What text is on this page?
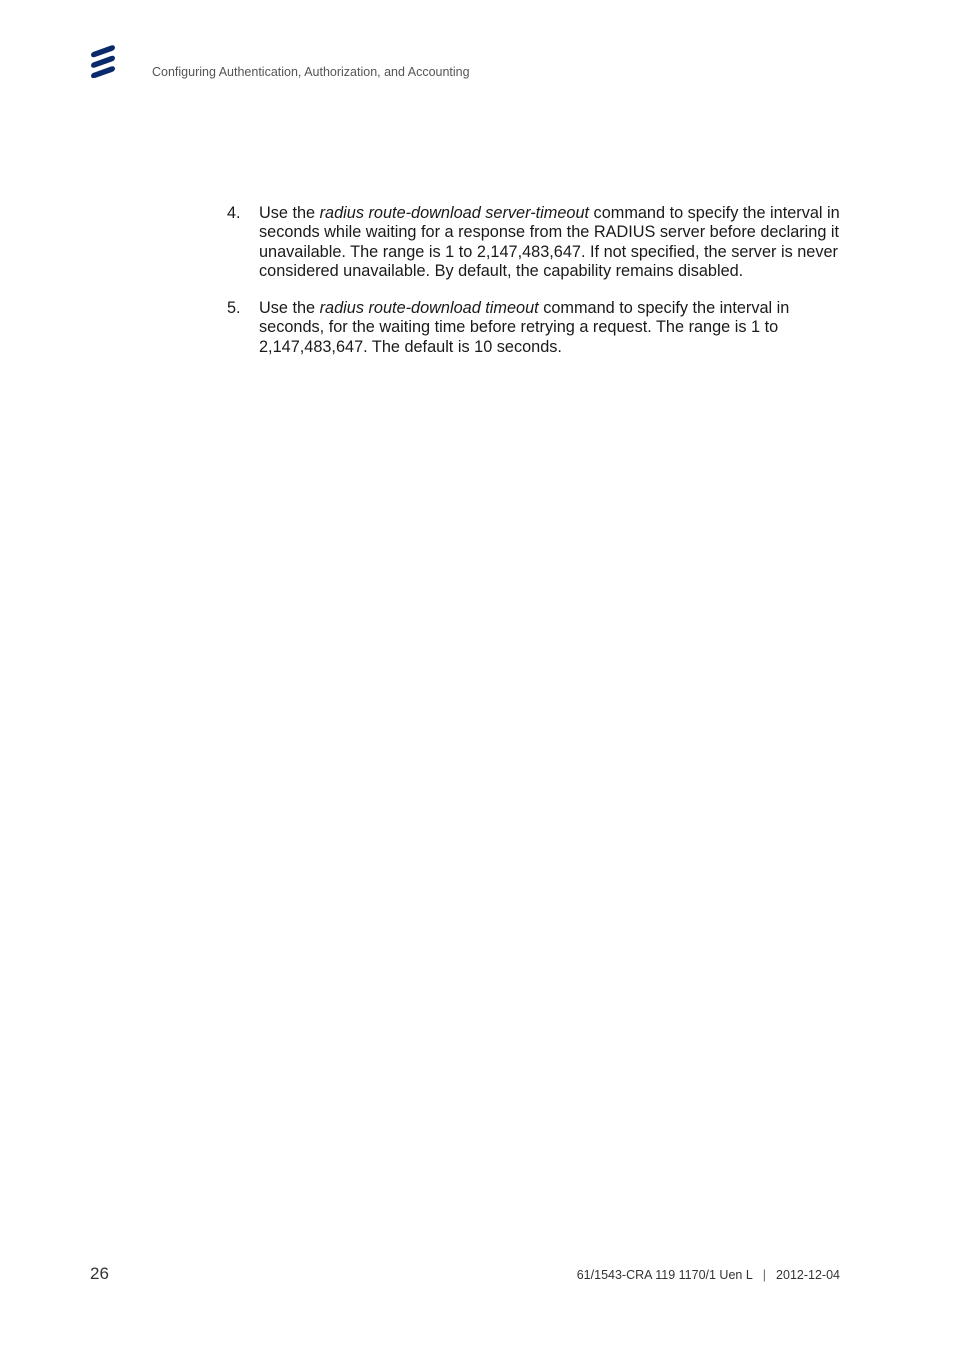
Configuring Authentication, Authorization, and Accounting
4.	Use the radius route-download server-timeout command to specify the interval in seconds while waiting for a response from the RADIUS server before declaring it unavailable. The range is 1 to 2,147,483,647. If not specified, the server is never considered unavailable. By default, the capability remains disabled.
5.	Use the radius route-download timeout command to specify the interval in seconds, for the waiting time before retrying a request. The range is 1 to 2,147,483,647. The default is 10 seconds.
26	61/1543-CRA 119 1170/1 Uen L | 2012-12-04
